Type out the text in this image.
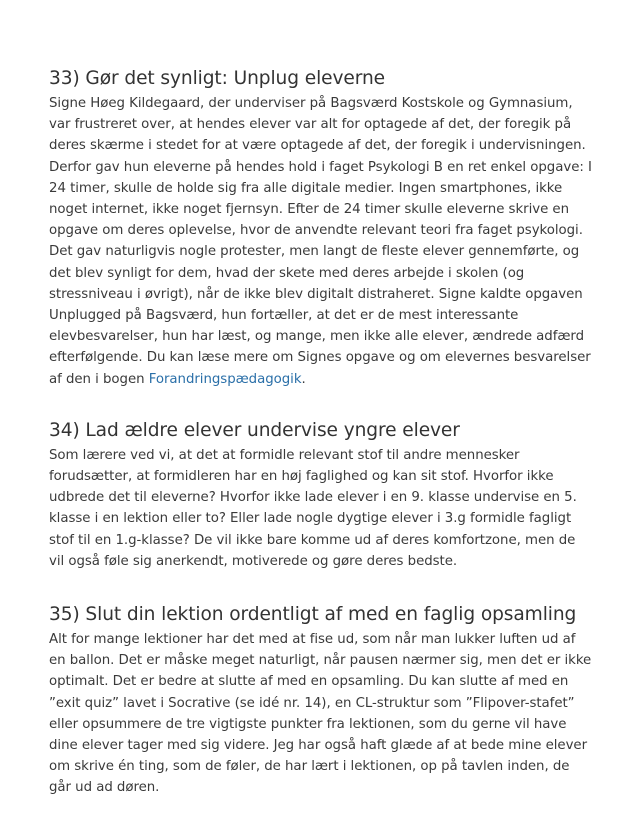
33) Gør det synligt: Unplug eleverne

Signe Høeg Kildegaard, der underviser på Bagsværd Kostskole og Gymnasium, var frustreret over, at hendes elever var alt for optagede af det, der foregik på deres skærme i stedet for at være optagede af det, der foregik i undervisningen. Derfor gav hun eleverne på hendes hold i faget Psykologi B en ret enkel opgave: I 24 timer, skulle de holde sig fra alle digitale medier. Ingen smartphones, ikke noget internet, ikke noget fjernsyn. Efter de 24 timer skulle eleverne skrive en opgave om deres oplevelse, hvor de anvendte relevant teori fra faget psykologi. Det gav naturligvis nogle protester, men langt de fleste elever gennemførte, og det blev synligt for dem, hvad der skete med deres arbejde i skolen (og stressniveau i øvrigt), når de ikke blev digitalt distraheret. Signe kaldte opgaven Unplugged på Bagsværd, hun fortæller, at det er de mest interessante elevbesvarelser, hun har læst, og mange, men ikke alle elever, ændrede adfærd efterfølgende. Du kan læse mere om Signes opgave og om elevernes besvarelser af den i bogen Forandringspædagogik.

34) Lad ældre elever undervise yngre elever

Som lærere ved vi, at det at formidle relevant stof til andre mennesker forudsætter, at formidleren har en høj faglighed og kan sit stof. Hvorfor ikke udbrede det til eleverne? Hvorfor ikke lade elever i en 9. klasse undervise en 5. klasse i en lektion eller to? Eller lade nogle dygtige elever i 3.g formidle fagligt stof til en 1.g-klasse? De vil ikke bare komme ud af deres komfortzone, men de vil også føle sig anerkendt, motiverede og gøre deres bedste.

35) Slut din lektion ordentligt af med en faglig opsamling

Alt for mange lektioner har det med at fise ud, som når man lukker luften ud af en ballon. Det er måske meget naturligt, når pausen nærmer sig, men det er ikke optimalt. Det er bedre at slutte af med en opsamling. Du kan slutte af med en ”exit quiz” lavet i Socrative (se idé nr. 14), en CL-struktur som ”Flipover-stafet” eller opsummere de tre vigtigste punkter fra lektionen, som du gerne vil have dine elever tager med sig videre. Jeg har også haft glæde af at bede mine elever om skrive én ting, som de føler, de har lært i lektionen, op på tavlen inden, de går ud ad døren.
